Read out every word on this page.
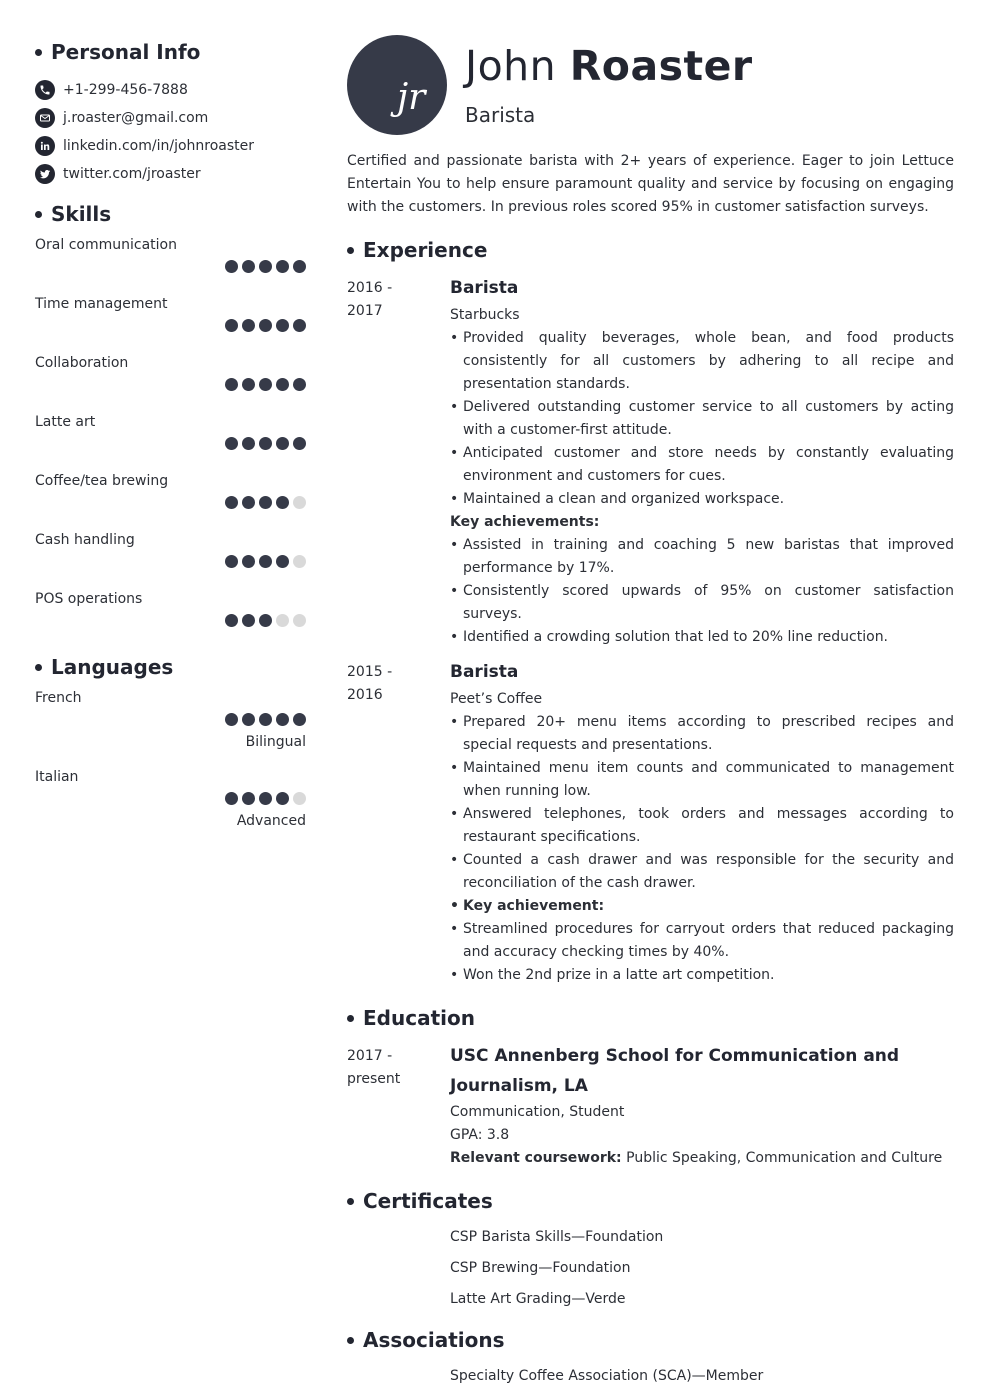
Personal Info
+1-299-456-7888
j.roaster@gmail.com
linkedin.com/in/johnroaster
twitter.com/jroaster
Skills
Oral communication
Time management
Collaboration
Latte art
Coffee/tea brewing
Cash handling
POS operations
Languages
French
Bilingual
Italian
Advanced
jr
John Roaster
Barista

Certified and passionate barista with 2+ years of experience. Eager to join Lettuce Entertain You to help ensure paramount quality and service by focusing on engaging with the customers. In previous roles scored 95% in customer satisfaction surveys.

Experience
2016 -
2017
Barista
Starbucks
• Provided quality beverages, whole bean, and food products consistently for all customers by adhering to all recipe and presentation standards.
• Delivered outstanding customer service to all customers by acting with a customer-first attitude.
• Anticipated customer and store needs by constantly evaluating environment and customers for cues.
• Maintained a clean and organized workspace.
Key achievements:
• Assisted in training and coaching 5 new baristas that improved performance by 17%.
• Consistently scored upwards of 95% on customer satisfaction surveys.
• Identified a crowding solution that led to 20% line reduction.
2015 -
2016
Barista
Peet’s Coffee
• Prepared 20+ menu items according to prescribed recipes and special requests and presentations.
• Maintained menu item counts and communicated to management when running low.
• Answered telephones, took orders and messages according to restaurant specifications.
• Counted a cash drawer and was responsible for the security and reconciliation of the cash drawer.
• Key achievement:
• Streamlined procedures for carryout orders that reduced packaging and accuracy checking times by 40%.
• Won the 2nd prize in a latte art competition.
Education
2017 -
present
USC Annenberg School for Communication and Journalism, LA
Communication, Student
GPA: 3.8
Relevant coursework: Public Speaking, Communication and Culture
Certificates
CSP Barista Skills—Foundation
CSP Brewing—Foundation
Latte Art Grading—Verde
Associations
Specialty Coffee Association (SCA)—Member
